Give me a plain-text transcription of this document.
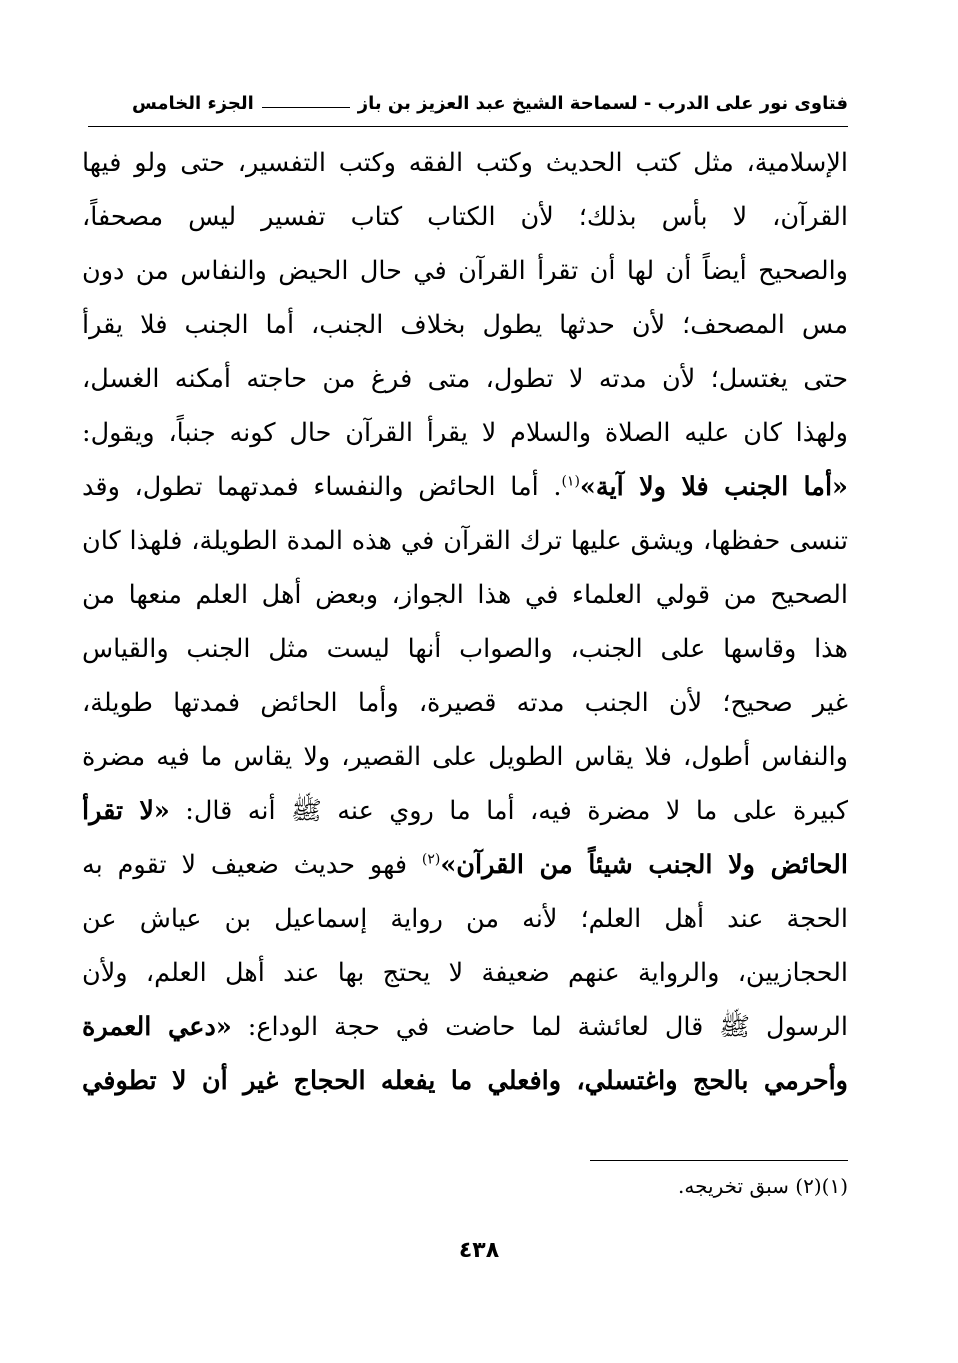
فتاوى نور على الدرب - لسماحة الشيخ عبد العزيز بن باز
الجزء الخامس
الإسلامية، مثل كتب الحديث وكتب الفقه وكتب التفسير، حتى ولو فيها
القرآن، لا بأس بذلك؛ لأن الكتاب كتاب تفسير ليس مصحفاً،
والصحيح أيضاً أن لها أن تقرأ القرآن في حال الحيض والنفاس من دون
مس المصحف؛ لأن حدثها يطول بخلاف الجنب، أما الجنب فلا يقرأ
حتى يغتسل؛ لأن مدته لا تطول، متى فرغ من حاجته أمكنه الغسل،
ولهذا كان عليه الصلاة والسلام لا يقرأ القرآن حال كونه جنباً، ويقول:
«أما الجنب فلا ولا آية»$^{(١)}$. أما الحائض والنفساء فمدتهما تطول، وقد
تنسى حفظها، ويشق عليها ترك القرآن في هذه المدة الطويلة، فلهذا كان
الصحيح من قولي العلماء في هذا الجواز، وبعض أهل العلم منعها من
هذا وقاسها على الجنب، والصواب أنها ليست مثل الجنب والقياس
غير صحيح؛ لأن الجنب مدته قصيرة، وأما الحائض فمدتها طويلة،
والنفاس أطول، فلا يقاس الطويل على القصير، ولا يقاس ما فيه مضرة
كبيرة على ما لا مضرة فيه، أما ما روي عنه ﷺ أنه قال: «لا تقرأ
الحائض ولا الجنب شيئاً من القرآن»$^{(٢)}$ فهو حديث ضعيف لا تقوم به
الحجة عند أهل العلم؛ لأنه من رواية إسماعيل بن عياش عن
الحجازيين، والرواية عنهم ضعيفة لا يحتج بها عند أهل العلم، ولأن
الرسول ﷺ قال لعائشة لما حاضت في حجة الوداع: «دعي العمرة
وأحرمي بالحج واغتسلي، وافعلي ما يفعله الحجاج غير أن لا تطوفي
(١)(٢) سبق تخريجه.
٤٣٨
